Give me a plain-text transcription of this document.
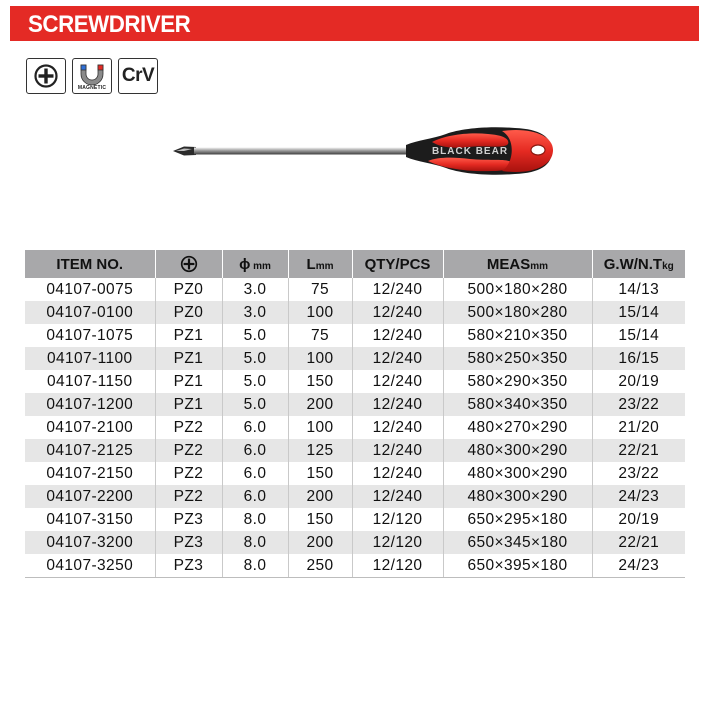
SCREWDRIVER
MAGNETIC
CrV
BLACK BEAR
ITEM NO.		ϕ mm	Lmm	QTY/PCS	MEASmm	G.W/N.Tkg
04107-0075	PZ0	3.0	75	12/240	500×180×280	14/13
04107-0100	PZ0	3.0	100	12/240	500×180×280	15/14
04107-1075	PZ1	5.0	75	12/240	580×210×350	15/14
04107-1100	PZ1	5.0	100	12/240	580×250×350	16/15
04107-1150	PZ1	5.0	150	12/240	580×290×350	20/19
04107-1200	PZ1	5.0	200	12/240	580×340×350	23/22
04107-2100	PZ2	6.0	100	12/240	480×270×290	21/20
04107-2125	PZ2	6.0	125	12/240	480×300×290	22/21
04107-2150	PZ2	6.0	150	12/240	480×300×290	23/22
04107-2200	PZ2	6.0	200	12/240	480×300×290	24/23
04107-3150	PZ3	8.0	150	12/120	650×295×180	20/19
04107-3200	PZ3	8.0	200	12/120	650×345×180	22/21
04107-3250	PZ3	8.0	250	12/120	650×395×180	24/23
